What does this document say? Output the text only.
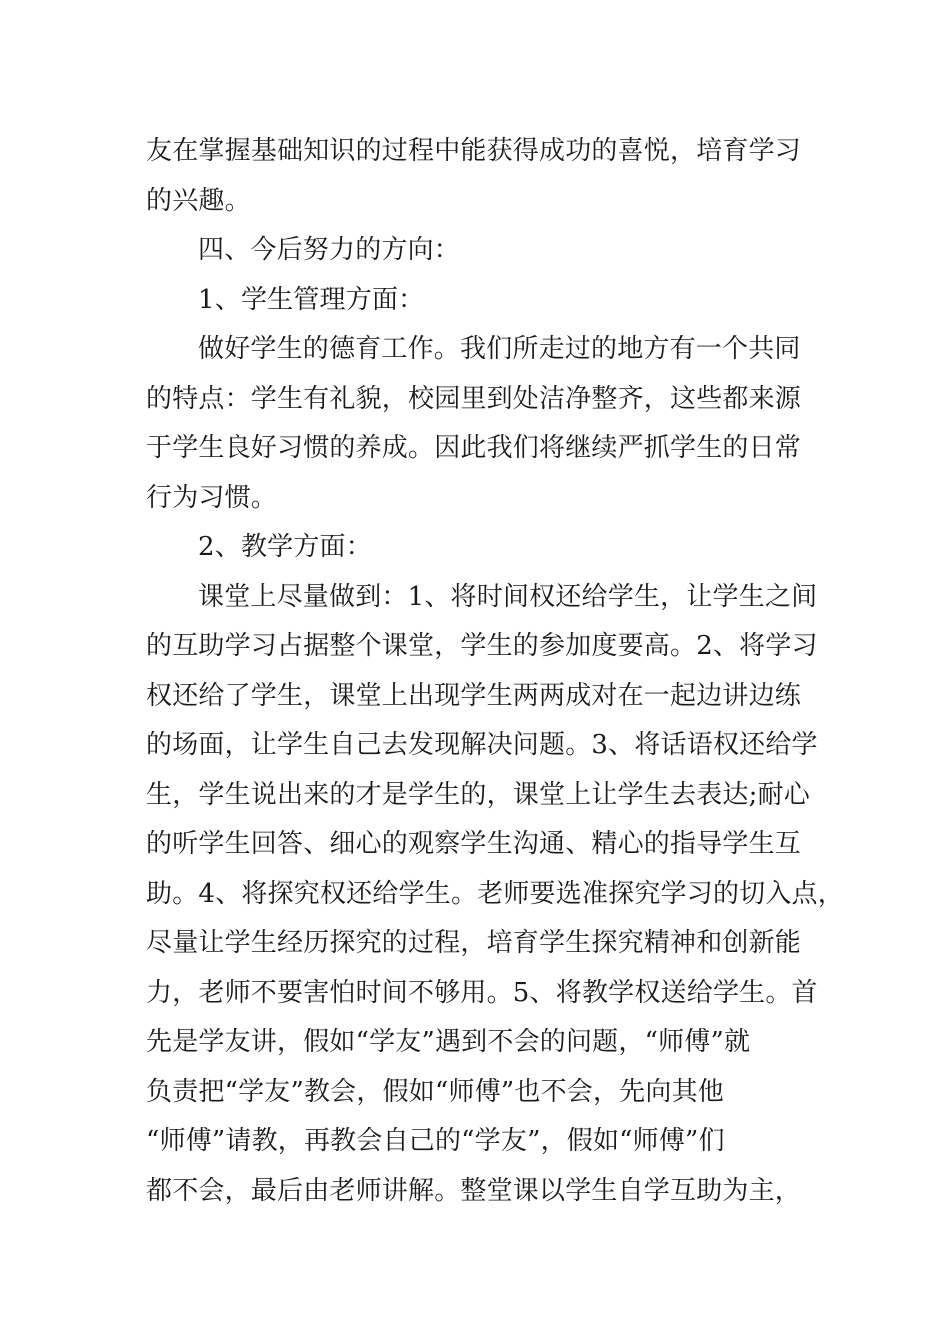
友在掌握基础知识的过程中能获得成功的喜悦，培育学习
的兴趣。
四、今后努力的方向：
1、学生管理方面：
做好学生的德育工作。我们所走过的地方有一个共同
的特点：学生有礼貌，校园里到处洁净整齐，这些都来源
于学生良好习惯的养成。因此我们将继续严抓学生的日常
行为习惯。
2、教学方面：
课堂上尽量做到：1、将时间权还给学生，让学生之间
的互助学习占据整个课堂，学生的参加度要高。2、将学习
权还给了学生，课堂上出现学生两两成对在一起边讲边练
的场面，让学生自己去发现解决问题。3、将话语权还给学
生，学生说出来的才是学生的，课堂上让学生去表达;耐心
的听学生回答、细心的观察学生沟通、精心的指导学生互
助。4、将探究权还给学生。老师要选准探究学习的切入点，
尽量让学生经历探究的过程，培育学生探究精神和创新能
力，老师不要害怕时间不够用。5、将教学权送给学生。首
先是学友讲，假如“学友”遇到不会的问题，“师傅”就
负责把“学友”教会，假如“师傅”也不会，先向其他
“师傅”请教，再教会自己的“学友”，假如“师傅”们
都不会，最后由老师讲解。整堂课以学生自学互助为主，
